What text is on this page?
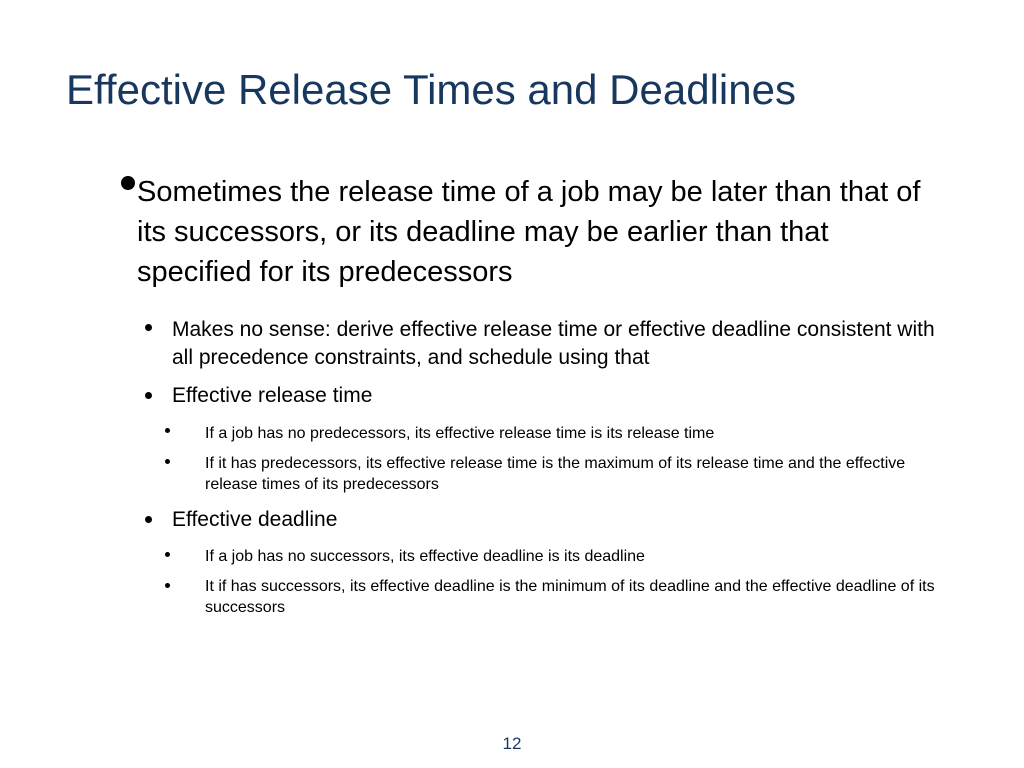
Effective Release Times and Deadlines
Sometimes the release time of a job may be later than that of its successors, or its deadline may be earlier than that specified for its predecessors
Makes no sense: derive effective release time or effective deadline consistent with all precedence constraints, and schedule using that
Effective release time
If a job has no predecessors, its effective release time is its release time
If it has predecessors, its effective release time is the maximum of its release time and the effective release times of its predecessors
Effective deadline
If a job has no successors, its effective deadline is its deadline
It if has successors, its effective deadline is the minimum of its deadline and the effective deadline of its successors
12
